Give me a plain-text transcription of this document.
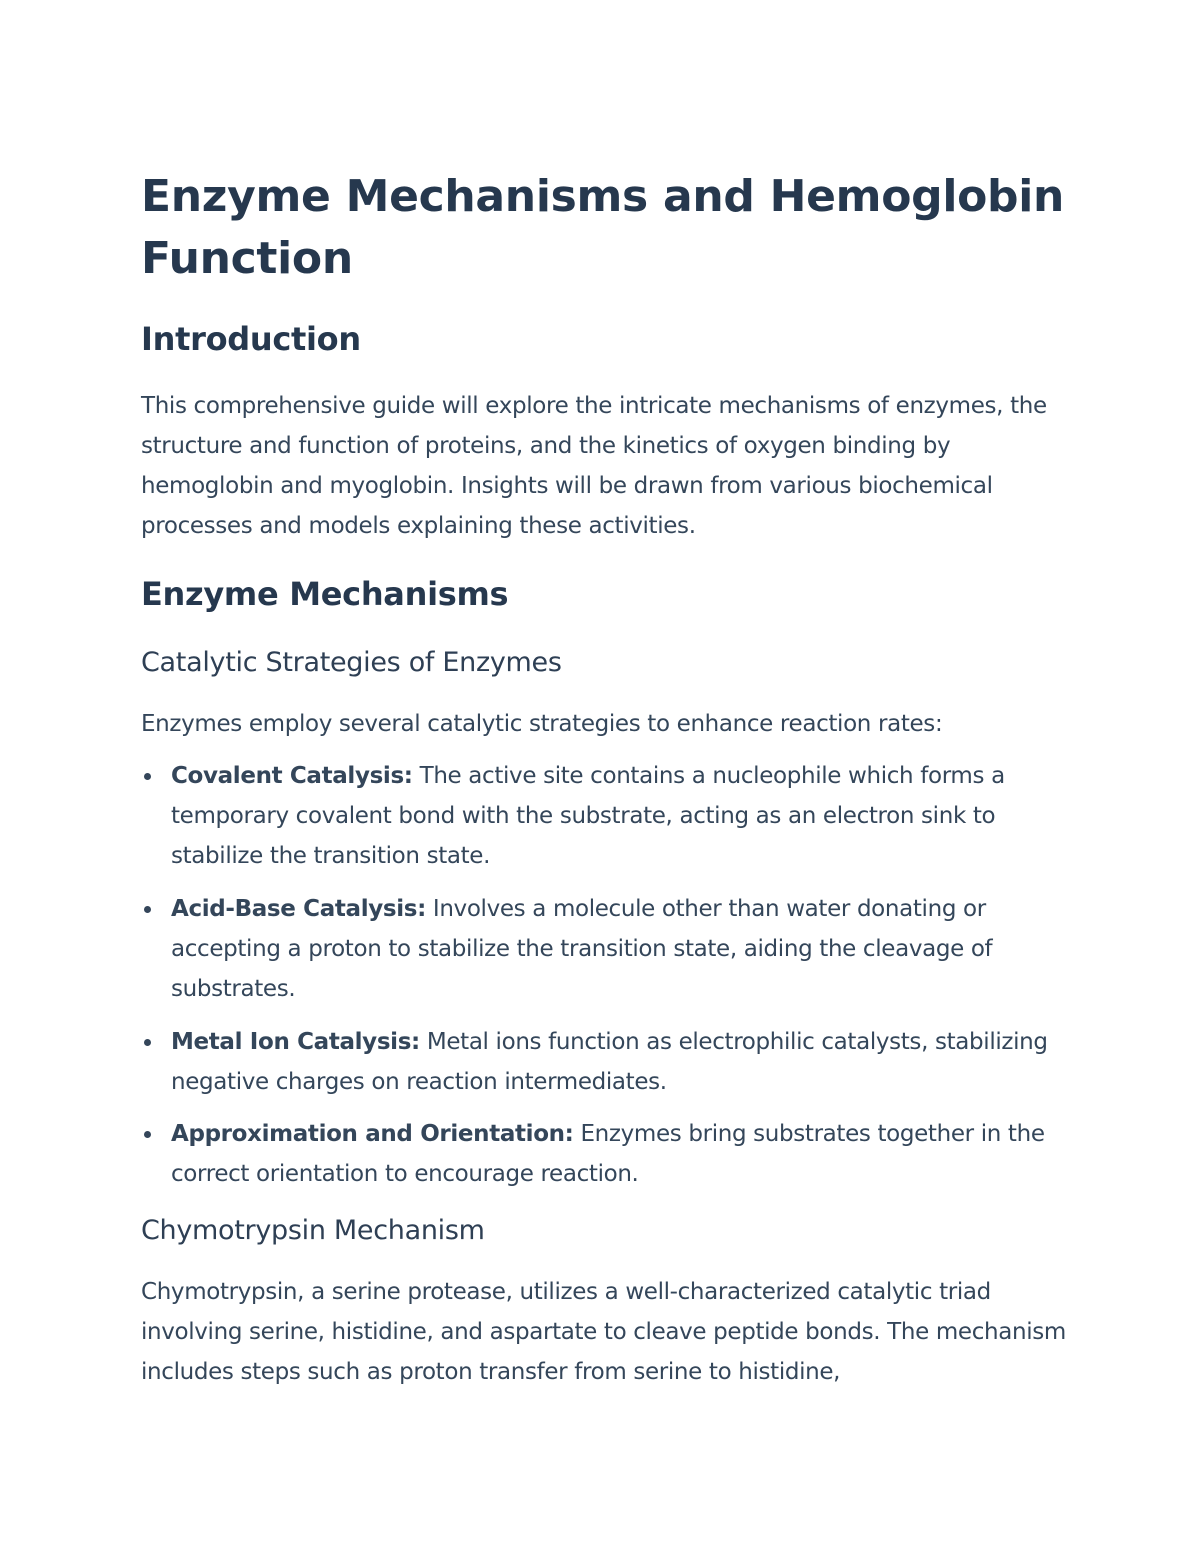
Enzyme Mechanisms and Hemoglobin Function
Introduction

This comprehensive guide will explore the intricate mechanisms of enzymes, the structure and function of proteins, and the kinetics of oxygen binding by hemoglobin and myoglobin. Insights will be drawn from various biochemical processes and models explaining these activities.

Enzyme Mechanisms
Catalytic Strategies of Enzymes

Enzymes employ several catalytic strategies to enhance reaction rates:

Covalent Catalysis: The active site contains a nucleophile which forms a temporary covalent bond with the substrate, acting as an electron sink to stabilize the transition state.
Acid-Base Catalysis: Involves a molecule other than water donating or accepting a proton to stabilize the transition state, aiding the cleavage of substrates.
Metal Ion Catalysis: Metal ions function as electrophilic catalysts, stabilizing negative charges on reaction intermediates.
Approximation and Orientation: Enzymes bring substrates together in the correct orientation to encourage reaction.
Chymotrypsin Mechanism

Chymotrypsin, a serine protease, utilizes a well-characterized catalytic triad involving serine, histidine, and aspartate to cleave peptide bonds. The mechanism includes steps such as proton transfer from serine to histidine,
